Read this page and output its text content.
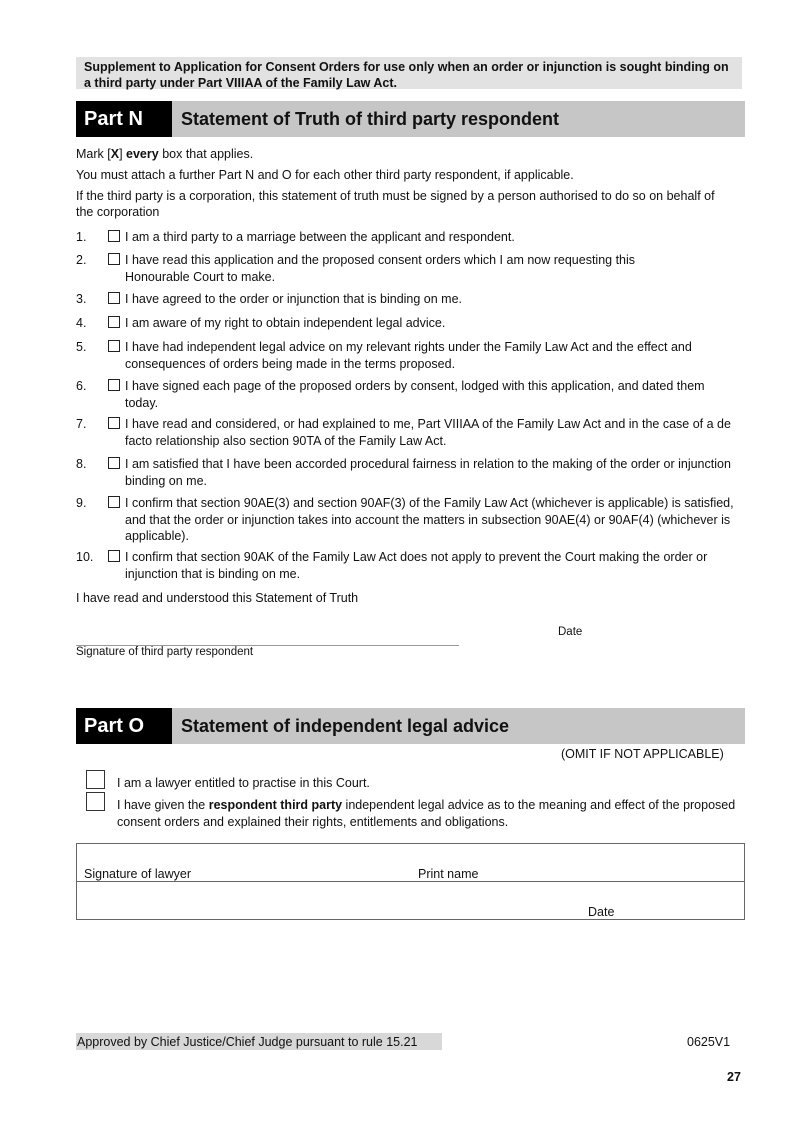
Supplement to Application for Consent Orders for use only when an order or injunction is sought binding on a third party under Part VIIIAA of the Family Law Act.
Part N	Statement of Truth of third party respondent
Mark [X] every box that applies.
You must attach a further Part N and O for each other third party respondent, if applicable.
If the third party is a corporation, this statement of truth must be signed by a person authorised to do so on behalf of the corporation
1.	I am a third party to a marriage between the applicant and respondent.
2.	I have read this application and the proposed consent orders which I am now requesting this Honourable Court to make.
3.	I have agreed to the order or injunction that is binding on me.
4.	I am aware of my right to obtain independent legal advice.
5.	I have had independent legal advice on my relevant rights under the Family Law Act and the effect and consequences of orders being made in the terms proposed.
6.	I have signed each page of the proposed orders by consent, lodged with this application, and dated them today.
7.	I have read and considered, or had explained to me, Part VIIIAA of the Family Law Act and in the case of a de facto relationship also section 90TA of the Family Law Act.
8.	I am satisfied that I have been accorded procedural fairness in relation to the making of the order or injunction binding on me.
9.	I confirm that section 90AE(3) and section 90AF(3) of the Family Law Act (whichever is applicable) is satisfied, and that the order or injunction takes into account the matters in subsection 90AE(4) or 90AF(4) (whichever is applicable).
10.	I confirm that section 90AK of the Family Law Act does not apply to prevent the Court making the order or injunction that is binding on me.
I have read and understood this Statement of Truth
Date
Signature of third party respondent
Part O	Statement of independent legal advice
(OMIT IF NOT APPLICABLE)
I am a lawyer entitled to practise in this Court.
I have given the respondent third party independent legal advice as to the meaning and effect of the proposed consent orders and explained their rights, entitlements and obligations.
Signature of lawyer	Print name
Date
Approved by Chief Justice/Chief Judge pursuant to rule 15.21	0625V1
27
